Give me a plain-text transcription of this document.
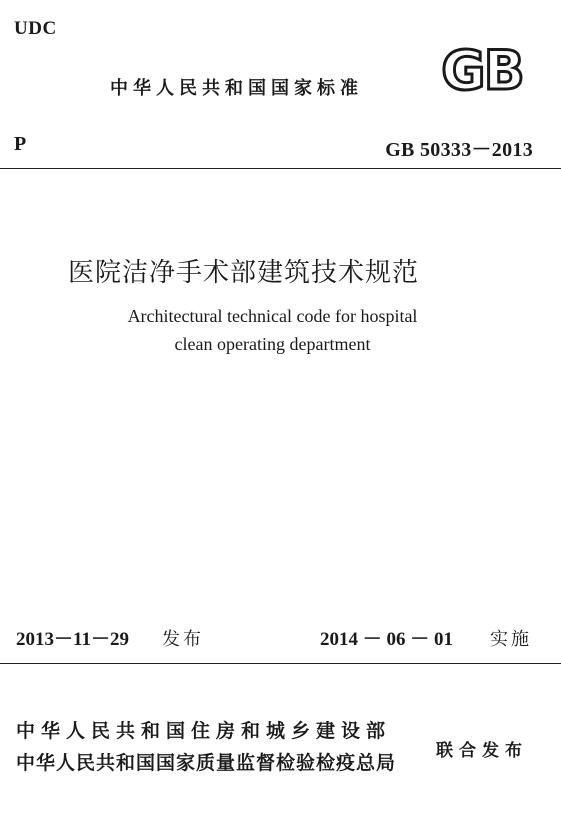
UDC
中华人民共和国国家标准 GB
P	GB 50333－2013
医院洁净手术部建筑技术规范
Architectural technical code for hospital
clean operating department
2013－11－29 发布	2014 － 06 － 01 实施
中华人民共和国住房和城乡建设部
中华人民共和国国家质量监督检验检疫总局
联合发布
